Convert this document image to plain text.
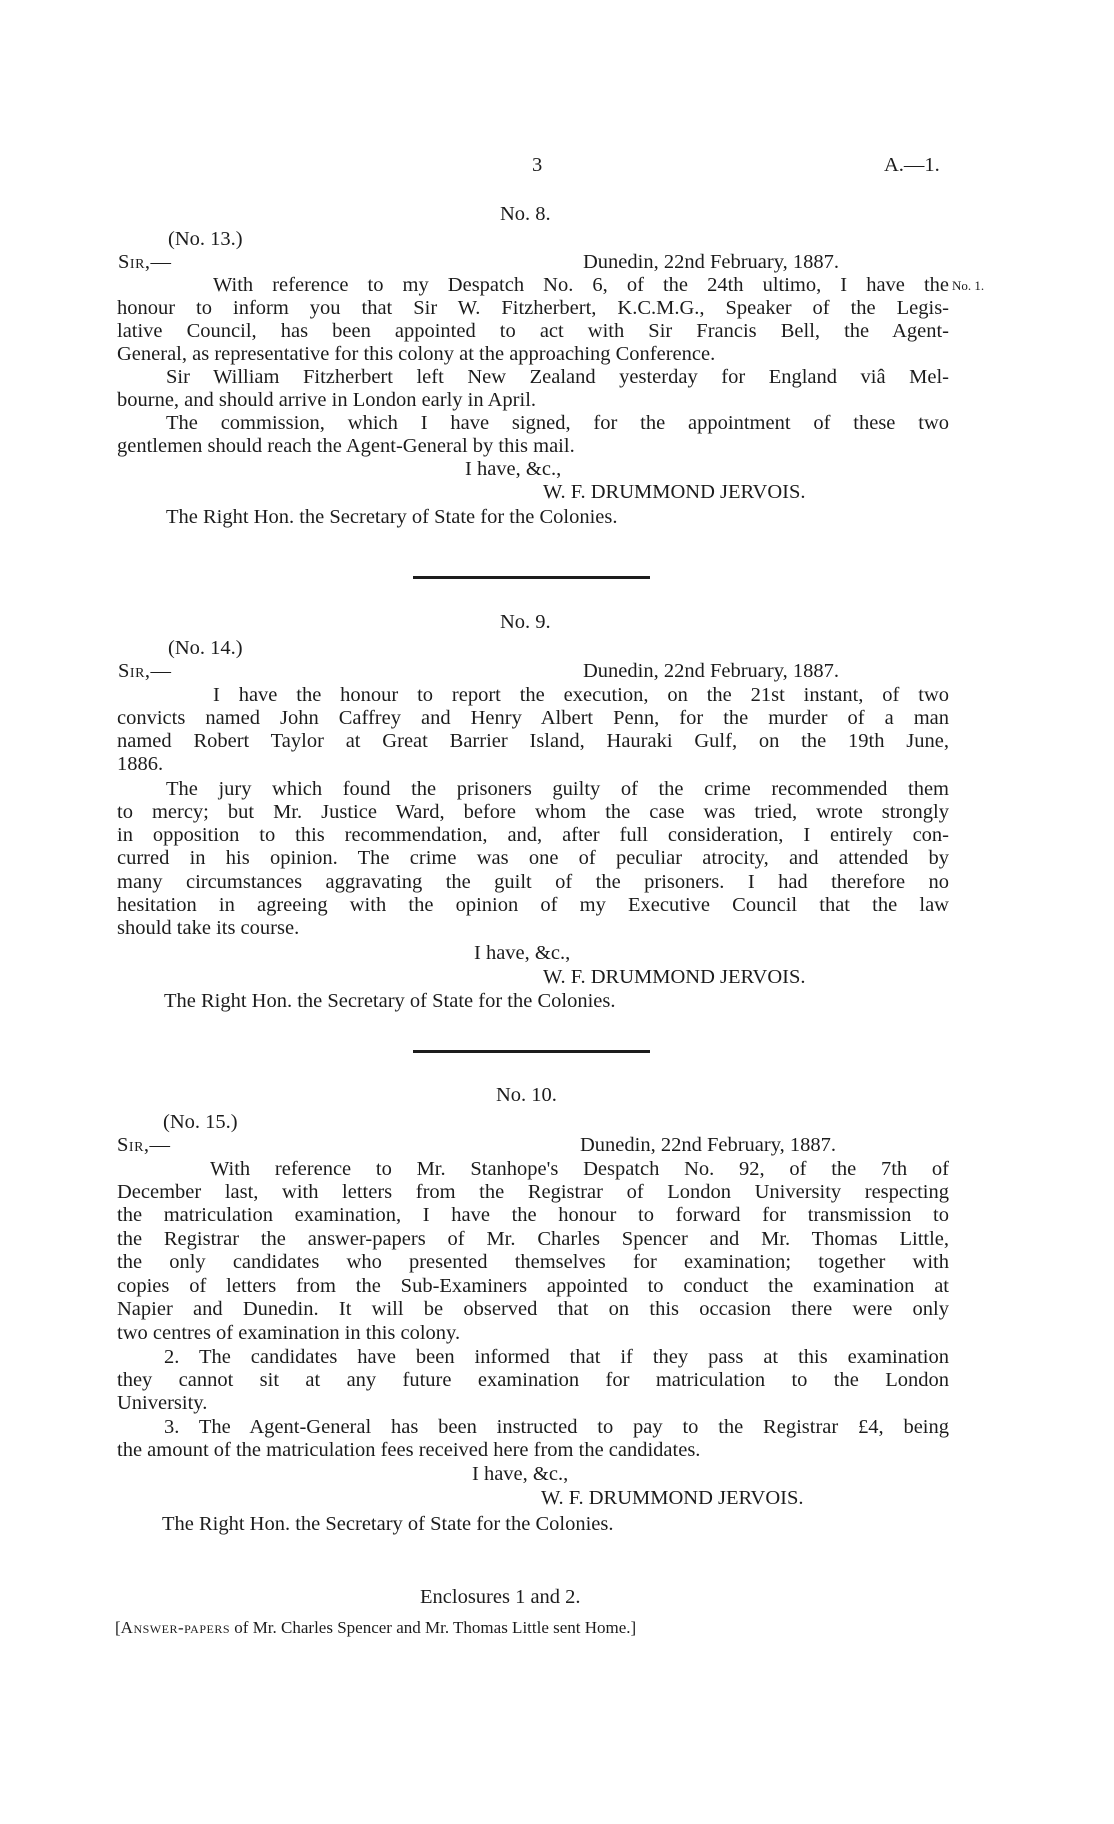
3	A.—1.
No. 8.
(No. 13.)
Sir,—	Dunedin, 22nd February, 1887.
With reference to my Despatch No. 6, of the 24th ultimo, I have the No. 1.
honour to inform you that Sir W. Fitzherbert, K.C.M.G., Speaker of the Legis-
lative Council, has been appointed to act with Sir Francis Bell, the Agent-
General, as representative for this colony at the approaching Conference.
Sir William Fitzherbert left New Zealand yesterday for England viâ Mel-
bourne, and should arrive in London early in April.
The commission, which I have signed, for the appointment of these two
gentlemen should reach the Agent-General by this mail.
I have, &c.,
W. F. DRUMMOND JERVOIS.
The Right Hon. the Secretary of State for the Colonies.
No. 9.
(No. 14.)
Sir,—	Dunedin, 22nd February, 1887.
I have the honour to report the execution, on the 21st instant, of two
convicts named John Caffrey and Henry Albert Penn, for the murder of a man
named Robert Taylor at Great Barrier Island, Hauraki Gulf, on the 19th June,
1886.
The jury which found the prisoners guilty of the crime recommended them
to mercy; but Mr. Justice Ward, before whom the case was tried, wrote strongly
in opposition to this recommendation, and, after full consideration, I entirely con-
curred in his opinion. The crime was one of peculiar atrocity, and attended by
many circumstances aggravating the guilt of the prisoners. I had therefore no
hesitation in agreeing with the opinion of my Executive Council that the law
should take its course.
I have, &c.,
W. F. DRUMMOND JERVOIS.
The Right Hon. the Secretary of State for the Colonies.
No. 10.
(No. 15.)
Sir,—	Dunedin, 22nd February, 1887.
With reference to Mr. Stanhope's Despatch No. 92, of the 7th of
December last, with letters from the Registrar of London University respecting
the matriculation examination, I have the honour to forward for transmission to
the Registrar the answer-papers of Mr. Charles Spencer and Mr. Thomas Little,
the only candidates who presented themselves for examination; together with
copies of letters from the Sub-Examiners appointed to conduct the examination at
Napier and Dunedin. It will be observed that on this occasion there were only
two centres of examination in this colony.
2. The candidates have been informed that if they pass at this examination
they cannot sit at any future examination for matriculation to the London
University.
3. The Agent-General has been instructed to pay to the Registrar £4, being
the amount of the matriculation fees received here from the candidates.
I have, &c.,
W. F. DRUMMOND JERVOIS.
The Right Hon. the Secretary of State for the Colonies.
Enclosures 1 and 2.
[Answer-papers of Mr. Charles Spencer and Mr. Thomas Little sent Home.]
